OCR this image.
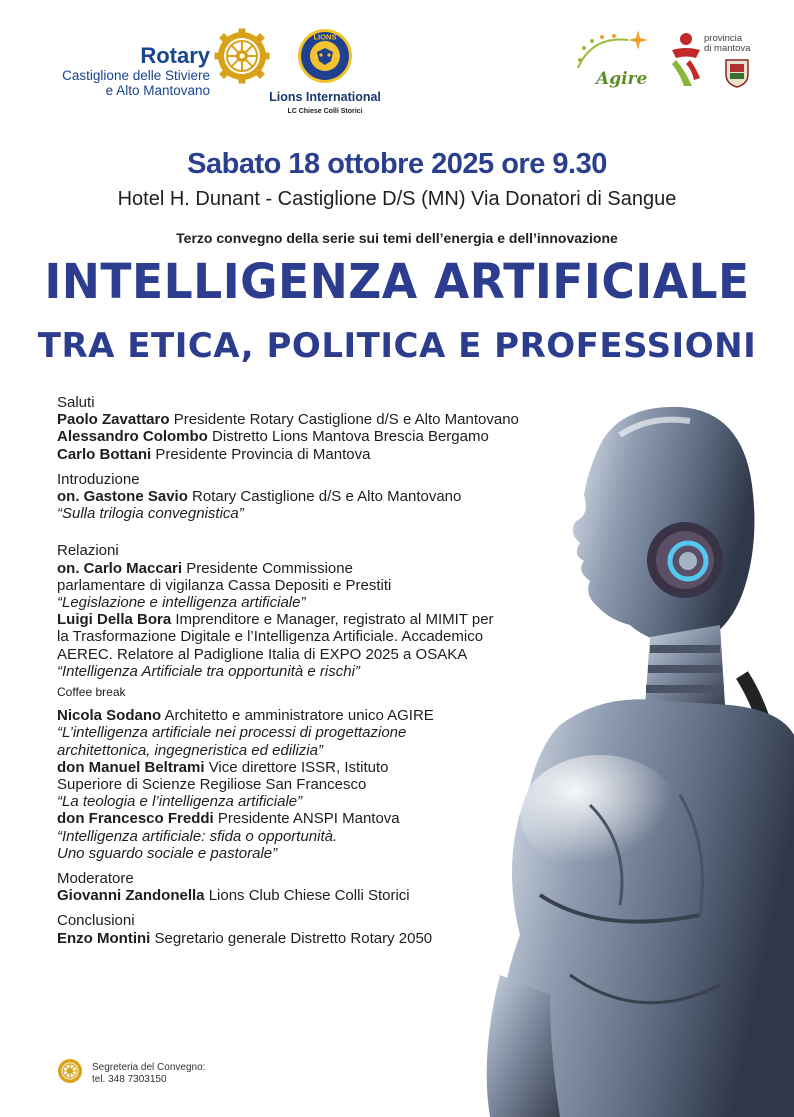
Rotary
Castiglione delle Stiviere
e Alto Mantovano
LIONS
Lions International
LC Chiese Colli Storici
Agire
provincia
di mantova
Sabato 18 ottobre 2025 ore 9.30
Hotel H. Dunant - Castiglione D/S (MN) Via Donatori di Sangue
Terzo convegno della serie sui temi dell’energia e dell’innovazione
INTELLIGENZA ARTIFICIALE
TRA ETICA, POLITICA E PROFESSIONI
Saluti
Paolo Zavattaro Presidente Rotary Castiglione d/S e Alto Mantovano
Alessandro Colombo Distretto Lions Mantova Brescia Bergamo
Carlo Bottani Presidente Provincia di Mantova
Introduzione
on. Gastone Savio Rotary Castiglione d/S e Alto Mantovano
“Sulla trilogia convegnistica”
Relazioni
on. Carlo Maccari Presidente Commissione
parlamentare di vigilanza Cassa Depositi e Prestiti
“Legislazione e intelligenza artificiale”
Luigi Della Bora Imprenditore e Manager, registrato al MIMIT per
la Trasformazione Digitale e l’Intelligenza Artificiale. Accademico
AEREC. Relatore al Padiglione Italia di EXPO 2025 a OSAKA
“Intelligenza Artificiale tra opportunità e rischi”
Coffee break
Nicola Sodano Architetto e amministratore unico AGIRE
“L’intelligenza artificiale nei processi di progettazione
architettonica, ingegneristica ed edilizia”
don Manuel Beltrami Vice direttore ISSR, Istituto
Superiore di Scienze Regiliose San Francesco
“La teologia e l’intelligenza artificiale”
don Francesco Freddi Presidente ANSPI Mantova
“Intelligenza artificiale: sfida o opportunità.
Uno sguardo sociale e pastorale”
Moderatore
Giovanni Zandonella Lions Club Chiese Colli Storici
Conclusioni
Enzo Montini Segretario generale Distretto Rotary 2050
Segreteria del Convegno:
tel. 348 7303150
